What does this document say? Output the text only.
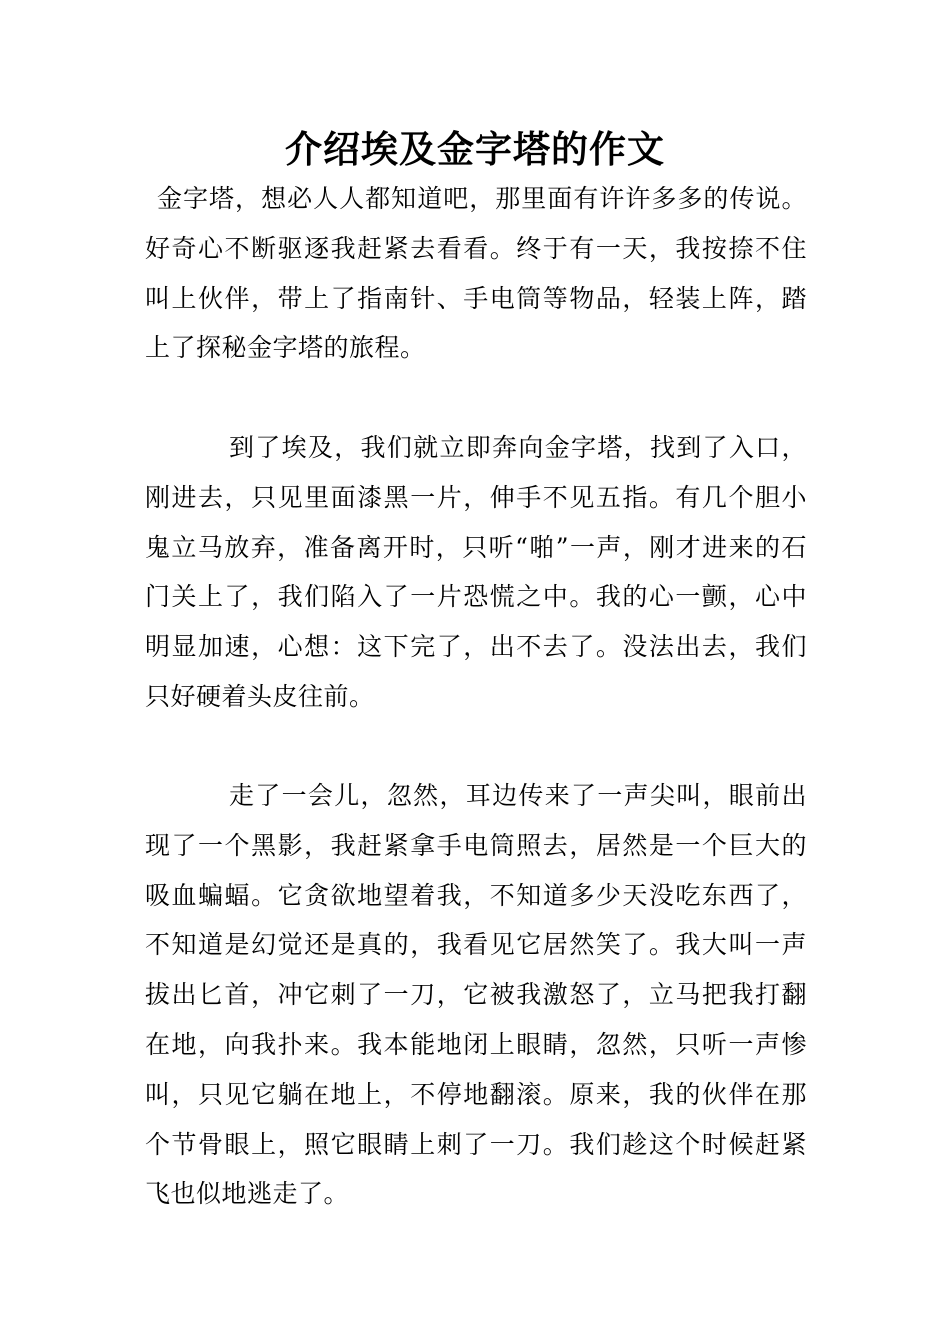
介绍埃及金字塔的作文

金字塔，想必人人都知道吧，那里面有许许多多的传说。好奇心不断驱逐我赶紧去看看。终于有一天，我按捺不住叫上伙伴，带上了指南针、手电筒等物品，轻装上阵，踏上了探秘金字塔的旅程。

到了埃及，我们就立即奔向金字塔，找到了入口，刚进去，只见里面漆黑一片，伸手不见五指。有几个胆小鬼立马放弃，准备离开时，只听“啪”一声，刚才进来的石门关上了，我们陷入了一片恐慌之中。我的心一颤，心中明显加速，心想：这下完了，出不去了。没法出去，我们只好硬着头皮往前。

走了一会儿，忽然，耳边传来了一声尖叫，眼前出现了一个黑影，我赶紧拿手电筒照去，居然是一个巨大的吸血蝙蝠。它贪欲地望着我，不知道多少天没吃东西了，不知道是幻觉还是真的，我看见它居然笑了。我大叫一声拔出匕首，冲它刺了一刀，它被我激怒了，立马把我打翻在地，向我扑来。我本能地闭上眼睛，忽然，只听一声惨叫，只见它躺在地上，不停地翻滚。原来，我的伙伴在那个节骨眼上，照它眼睛上刺了一刀。我们趁这个时候赶紧飞也似地逃走了。
